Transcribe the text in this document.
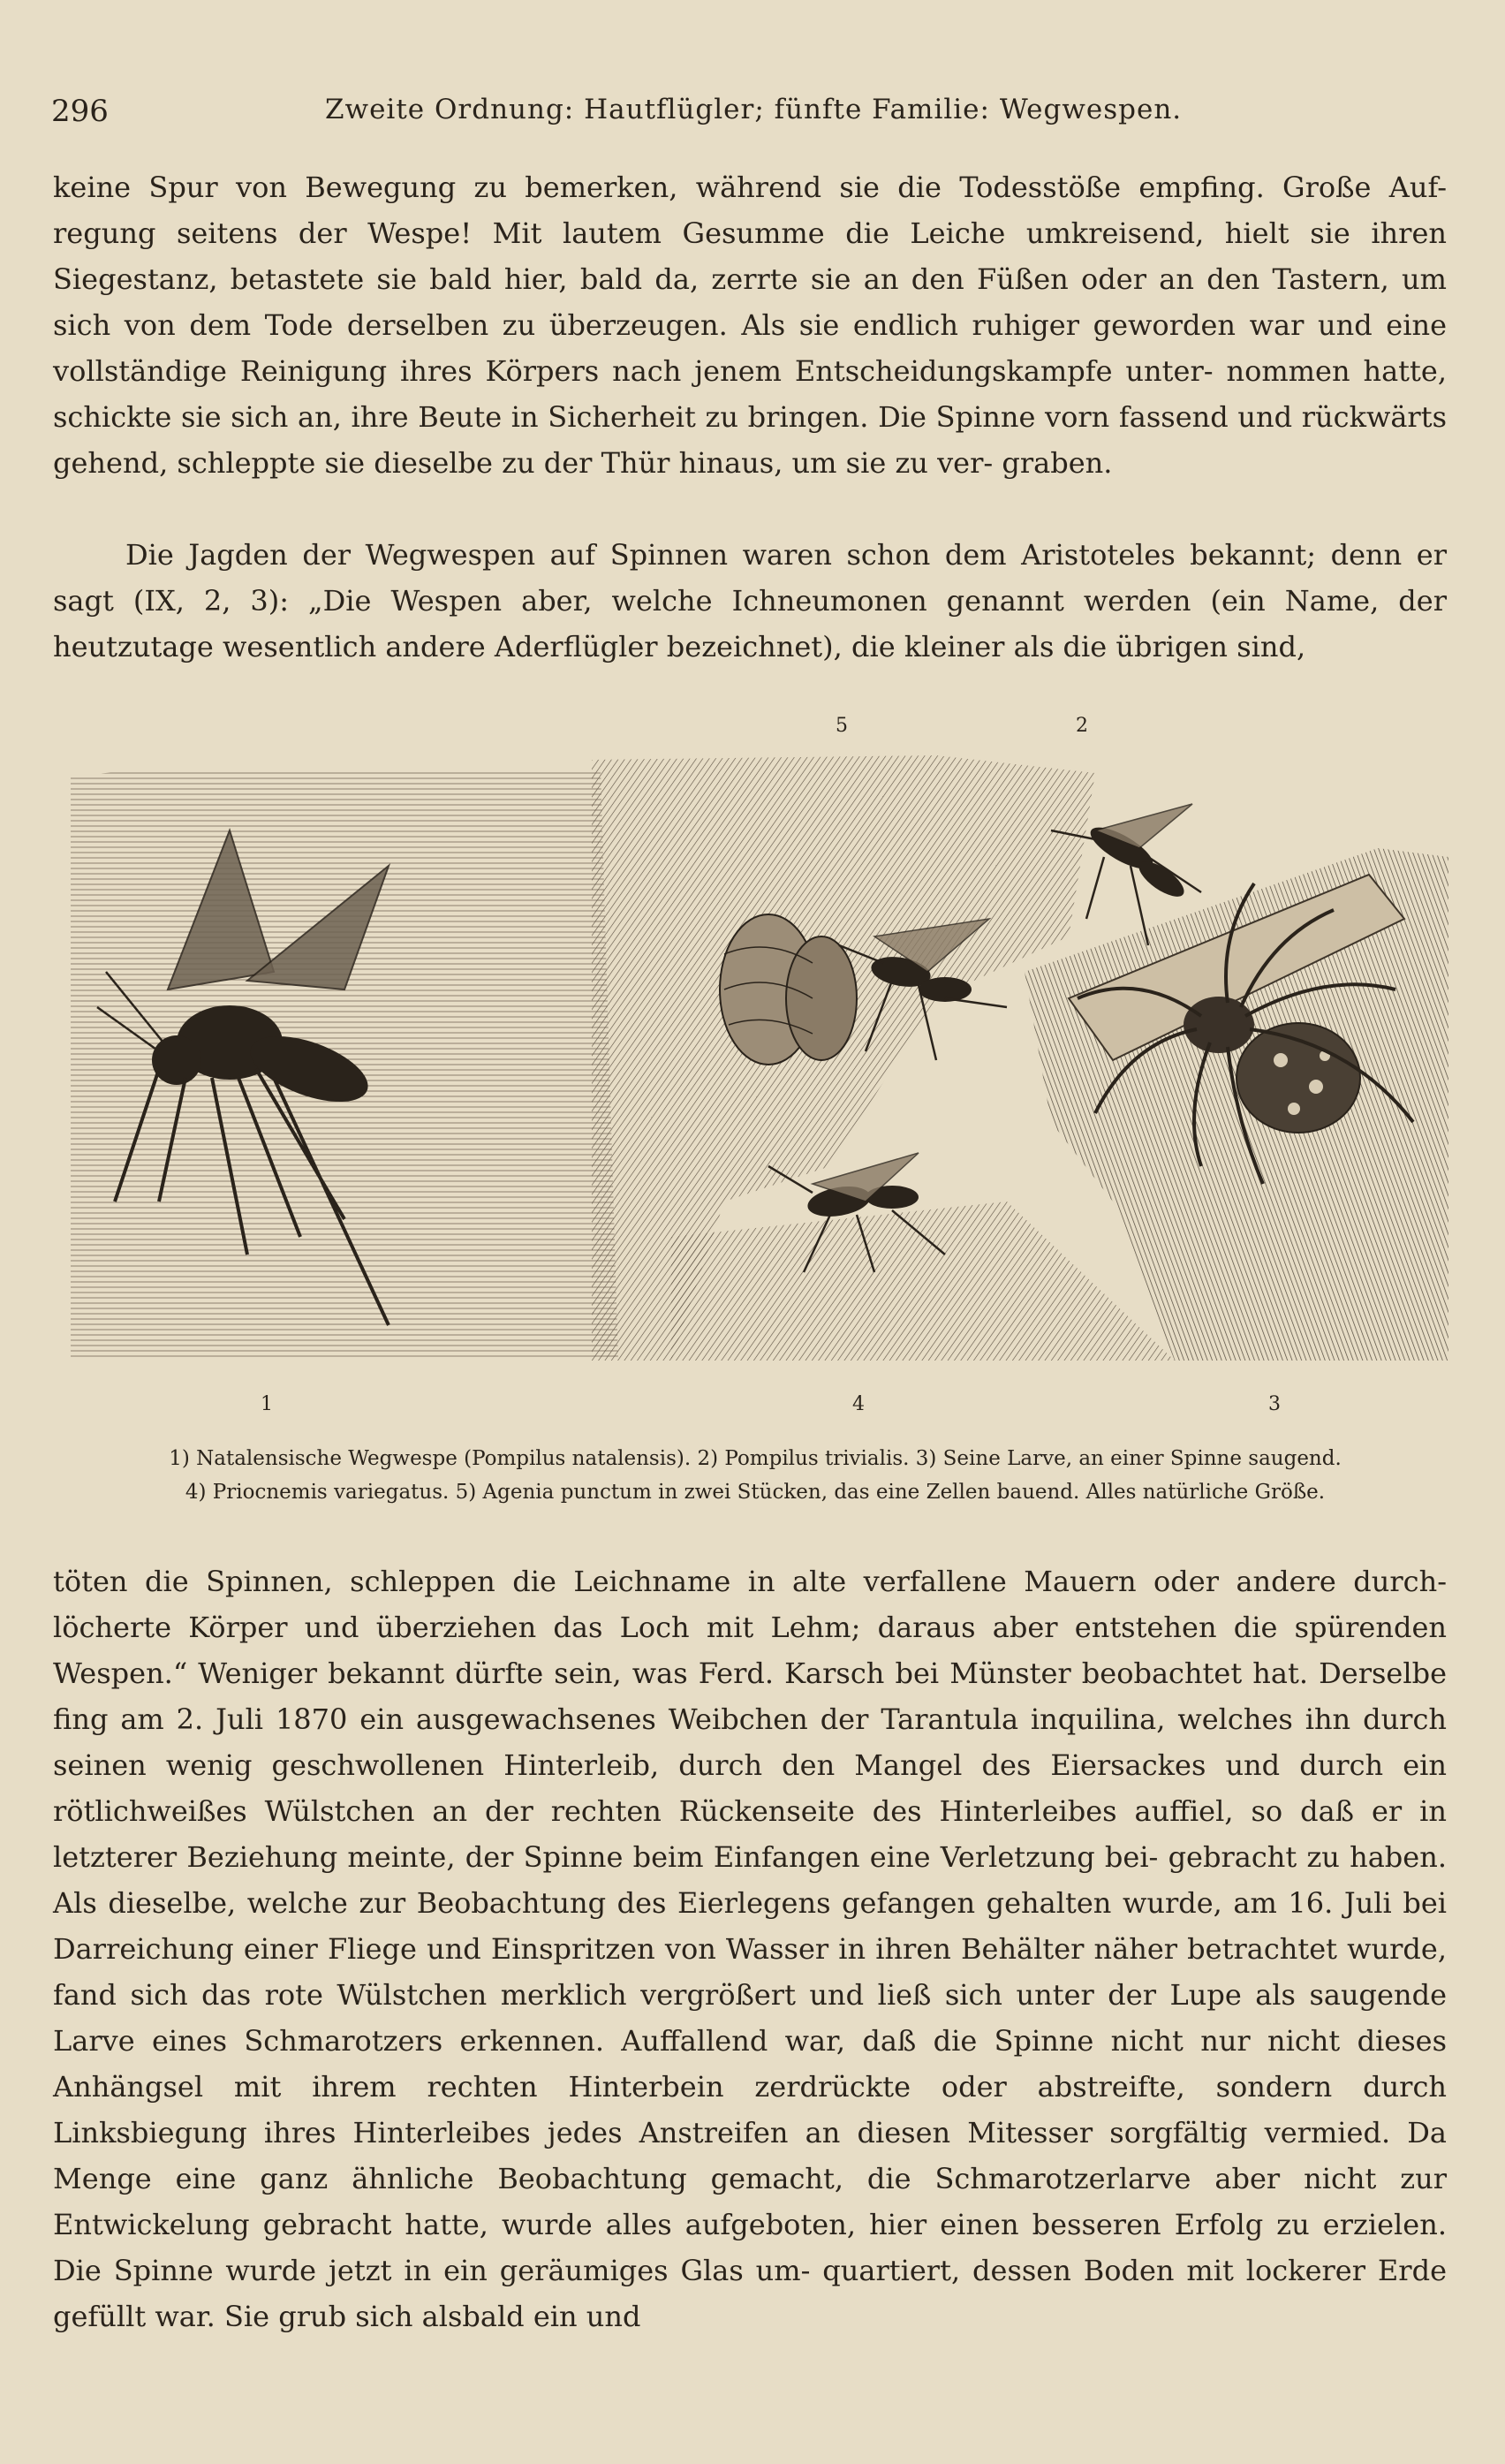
296	Zweite Ordnung: Hautflügler; fünfte Familie: Wegwespen.

keine Spur von Bewegung zu bemerken, während sie die Todesstöße empfing. Große Auf- regung seitens der Wespe! Mit lautem Gesumme die Leiche umkreisend, hielt sie ihren Siegestanz, betastete sie bald hier, bald da, zerrte sie an den Füßen oder an den Tastern, um sich von dem Tode derselben zu überzeugen. Als sie endlich ruhiger geworden war und eine vollständige Reinigung ihres Körpers nach jenem Entscheidungskampfe unter- nommen hatte, schickte sie sich an, ihre Beute in Sicherheit zu bringen. Die Spinne vorn fassend und rückwärts gehend, schleppte sie dieselbe zu der Thür hinaus, um sie zu ver- graben.

Die Jagden der Wegwespen auf Spinnen waren schon dem Aristoteles bekannt; denn er sagt (IX, 2, 3): „Die Wespen aber, welche Ichneumonen genannt werden (ein Name, der heutzutage wesentlich andere Aderflügler bezeichnet), die kleiner als die übrigen sind,

5	2
1	4	3

1) Natalensische Wegwespe (Pompilus natalensis). 2) Pompilus trivialis. 3) Seine Larve, an einer Spinne saugend.

4) Priocnemis variegatus. 5) Agenia punctum in zwei Stücken, das eine Zellen bauend. Alles natürliche Größe.

töten die Spinnen, schleppen die Leichname in alte verfallene Mauern oder andere durch- löcherte Körper und überziehen das Loch mit Lehm; daraus aber entstehen die spürenden Wespen.“ Weniger bekannt dürfte sein, was Ferd. Karsch bei Münster beobachtet hat. Derselbe fing am 2. Juli 1870 ein ausgewachsenes Weibchen der Tarantula inquilina, welches ihn durch seinen wenig geschwollenen Hinterleib, durch den Mangel des Eiersackes und durch ein rötlichweißes Wülstchen an der rechten Rückenseite des Hinterleibes auffiel, so daß er in letzterer Beziehung meinte, der Spinne beim Einfangen eine Verletzung bei- gebracht zu haben. Als dieselbe, welche zur Beobachtung des Eierlegens gefangen gehalten wurde, am 16. Juli bei Darreichung einer Fliege und Einspritzen von Wasser in ihren Behälter näher betrachtet wurde, fand sich das rote Wülstchen merklich vergrößert und ließ sich unter der Lupe als saugende Larve eines Schmarotzers erkennen. Auffallend war, daß die Spinne nicht nur nicht dieses Anhängsel mit ihrem rechten Hinterbein zerdrückte oder abstreifte, sondern durch Linksbiegung ihres Hinterleibes jedes Anstreifen an diesen Mitesser sorgfältig vermied. Da Menge eine ganz ähnliche Beobachtung gemacht, die Schmarotzerlarve aber nicht zur Entwickelung gebracht hatte, wurde alles aufgeboten, hier einen besseren Erfolg zu erzielen. Die Spinne wurde jetzt in ein geräumiges Glas um- quartiert, dessen Boden mit lockerer Erde gefüllt war. Sie grub sich alsbald ein und
